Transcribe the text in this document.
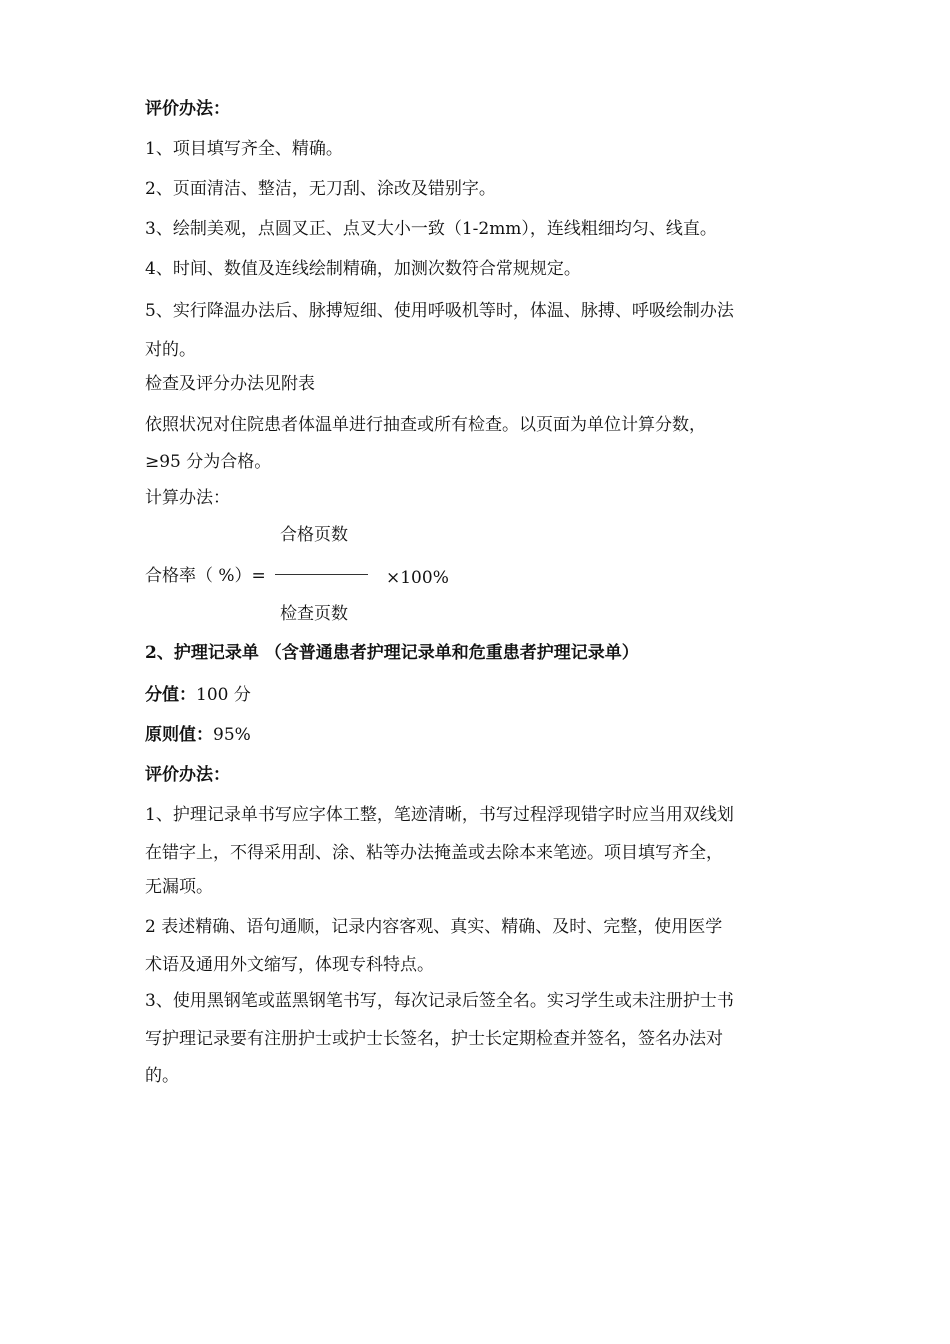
评价办法：
1、项目填写齐全、精确。
2、页面清洁、整洁，无刀刮、涂改及错别字。
3、绘制美观，点圆叉正、点叉大小一致（1-2mm），连线粗细均匀、线直。
4、时间、数值及连线绘制精确，加测次数符合常规规定。
5、实行降温办法后、脉搏短细、使用呼吸机等时，体温、脉搏、呼吸绘制办法
对的。
检查及评分办法见附表
依照状况对住院患者体温单进行抽查或所有检查。以页面为单位计算分数，
≥95 分为合格。
计算办法：
合格页数
合格率（ %）=	×100%
检查页数
2、护理记录单 （含普通患者护理记录单和危重患者护理记录单）
分值：100 分
原则值：95%
评价办法：
1、护理记录单书写应字体工整，笔迹清晰，书写过程浮现错字时应当用双线划
在错字上，不得采用刮、涂、粘等办法掩盖或去除本来笔迹。项目填写齐全，
无漏项。
2 表述精确、语句通顺，记录内容客观、真实、精确、及时、完整，使用医学
术语及通用外文缩写，体现专科特点。
3、使用黑钢笔或蓝黑钢笔书写，每次记录后签全名。实习学生或未注册护士书
写护理记录要有注册护士或护士长签名，护士长定期检查并签名，签名办法对
的。
